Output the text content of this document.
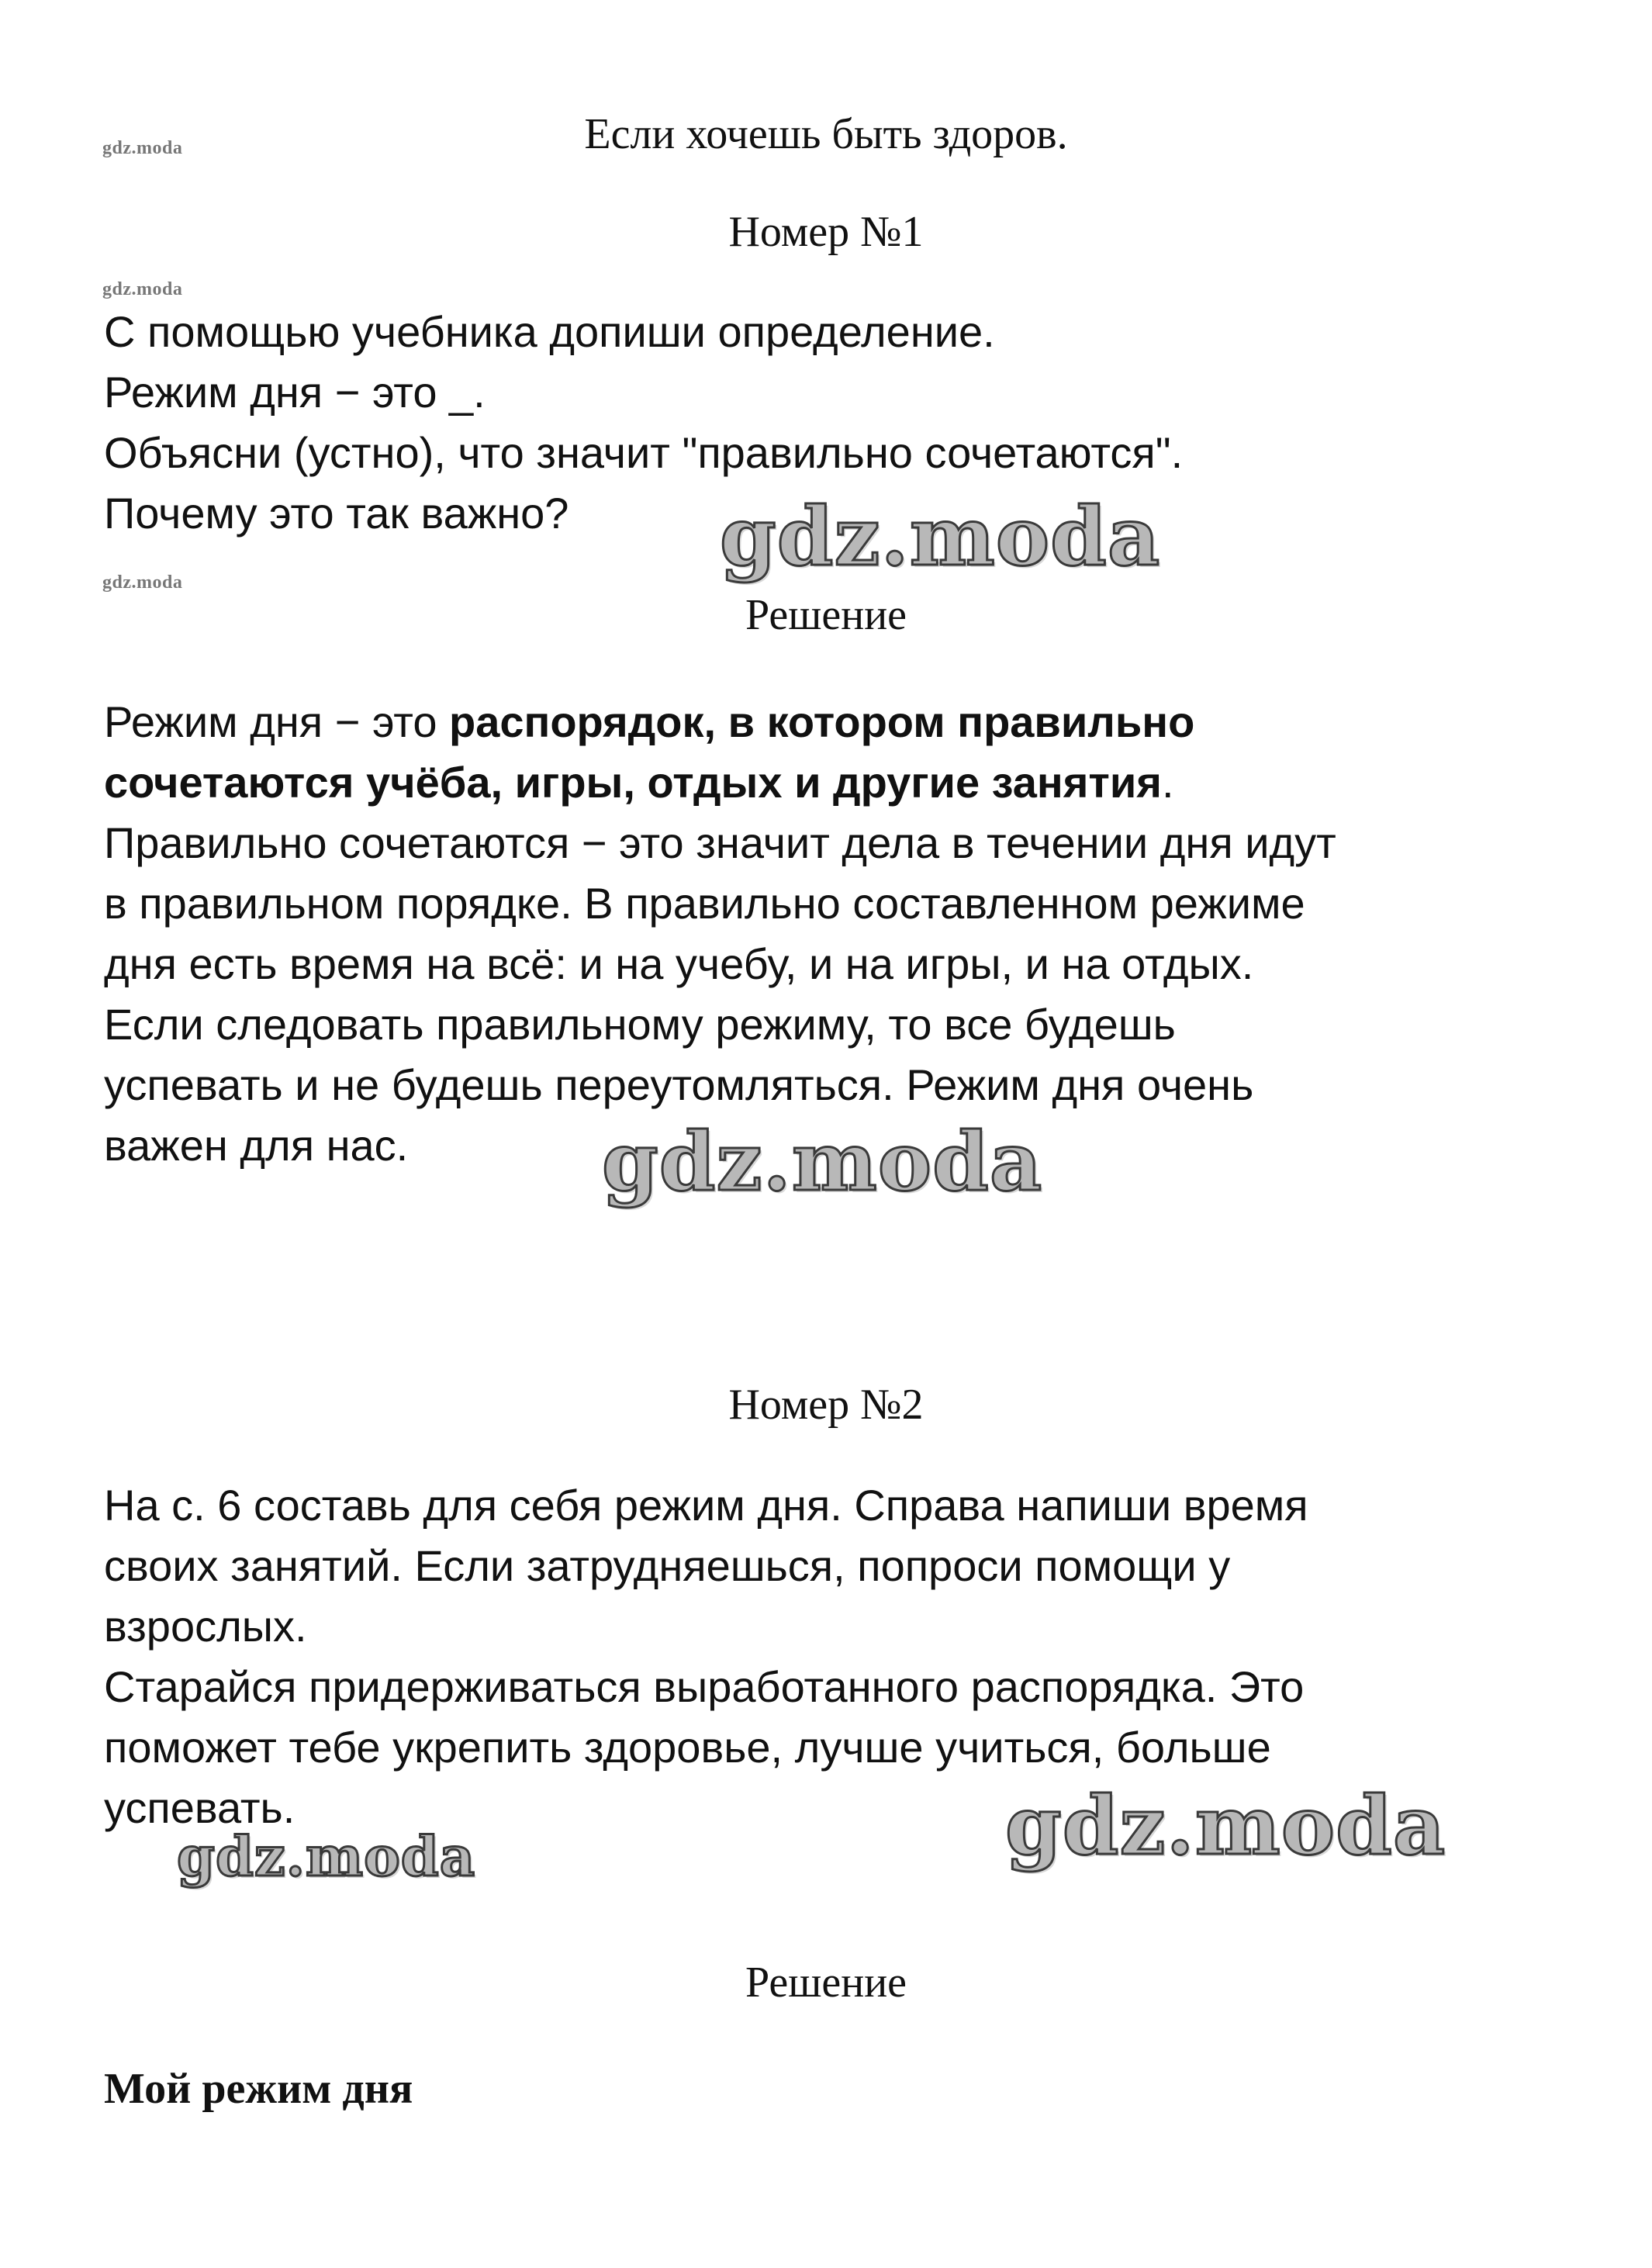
gdz.moda
gdz.moda
gdz.moda
Если хочешь быть здоров.
Номер №1
С помощью учебника допиши определение.
Режим дня − это _.
Объясни (устно), что значит "правильно сочетаются".
Почему это так важно? gdz.moda
Решение
Режим дня − это распорядок, в котором правильно
сочетаются учёба, игры, отдых и другие занятия.
Правильно сочетаются − это значит дела в течении дня идут
в правильном порядке. В правильно составленном режиме
дня есть время на всё: и на учебу, и на игры, и на отдых.
Если следовать правильному режиму, то все будешь
успевать и не будешь переутомляться. Режим дня очень
важен для нас. gdz.moda
Номер №2
На с. 6 составь для себя режим дня. Справа напиши время
своих занятий. Если затрудняешься, попроси помощи у
взрослых.
Старайся придерживаться выработанного распорядка. Это
поможет тебе укрепить здоровье, лучше учиться, больше
успевать.	gdz.moda
gdz.moda
Решение
Мой режим дня
